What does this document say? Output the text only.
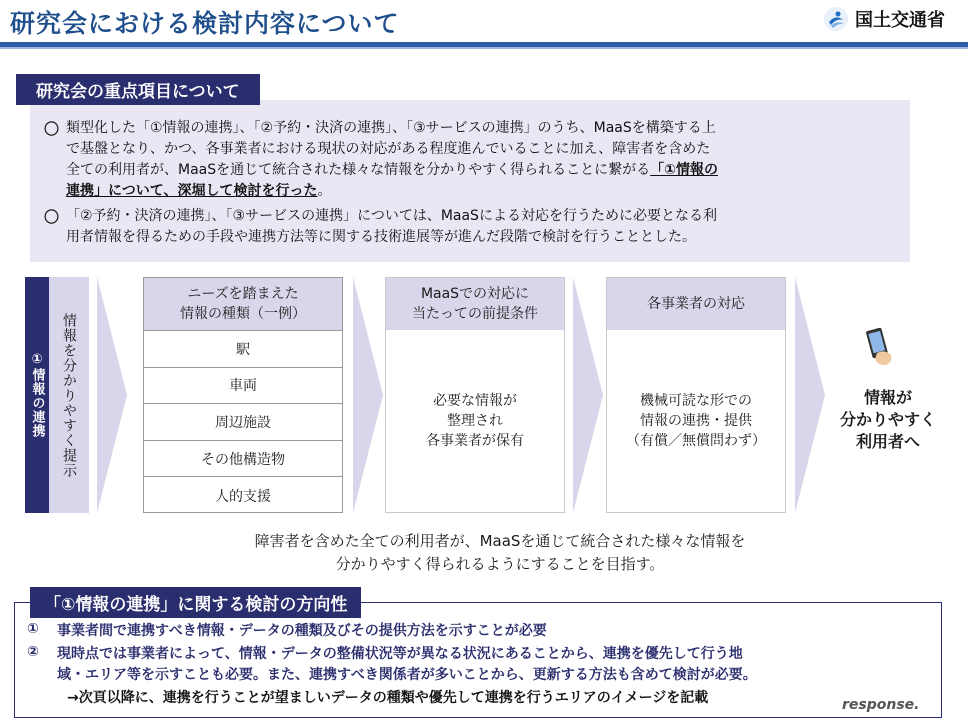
研究会における検討内容について	国土交通省
〇 類型化した「①情報の連携」、「②予約・決済の連携」、「③サービスの連携」のうち、MaaSを構築する上
で基盤となり、かつ、各事業者における現状の対応がある程度進んでいることに加え、障害者を含めた
全ての利用者が、MaaSを通じて統合された様々な情報を分かりやすく得られることに繋がる「①情報の
連携」について、深堀して検討を行った。
〇 「②予約・決済の連携」、「③サービスの連携」については、MaaSによる対応を行うために必要となる利
用者情報を得るための手段や連携方法等に関する技術進展等が進んだ段階で検討を行うこととした。
研究会の重点項目について
①情報の連携 情報を分かりやすく提示
ニーズを踏まえた
情報の種類（一例）
駅
車両
周辺施設
その他構造物
人的支援
MaaSでの対応に
当たっての前提条件
必要な情報が
整理され
各事業者が保有
各事業者の対応
機械可読な形での
情報の連携・提供
（有償／無償問わず）
情報が
分かりやすく
利用者へ
障害者を含めた全ての利用者が、MaaSを通じて統合された様々な情報を
分かりやすく得られるようにすることを目指す。
① 事業者間で連携すべき情報・データの種類及びその提供方法を示すことが必要
② 現時点では事業者によって、情報・データの整備状況等が異なる状況にあることから、連携を優先して行う地
域・エリア等を示すことも必要。また、連携すべき関係者が多いことから、更新する方法も含めて検討が必要。
→次頁以降に、連携を行うことが望ましいデータの種類や優先して連携を行うエリアのイメージを記載
「①情報の連携」に関する検討の方向性
response.
